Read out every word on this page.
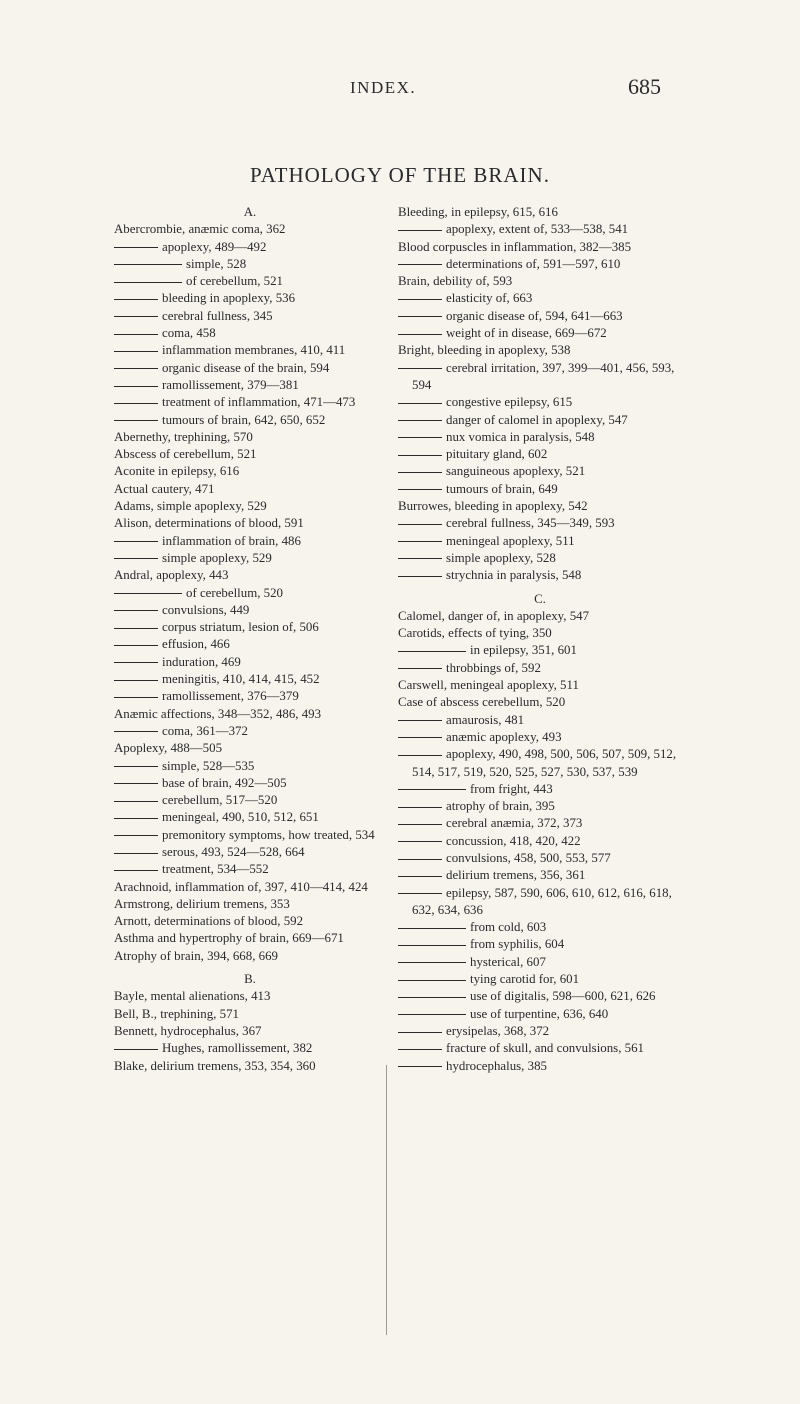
INDEX.	685
PATHOLOGY OF THE BRAIN.
A.
Abercrombie, anæmic coma, 362
apoplexy, 489—492
simple, 528
of cerebellum, 521
bleeding in apoplexy, 536
cerebral fullness, 345
coma, 458
inflammation membranes, 410, 411
organic disease of the brain, 594
ramollissement, 379—381
treatment of inflammation, 471—473
tumours of brain, 642, 650, 652
Abernethy, trephining, 570
Abscess of cerebellum, 521
Aconite in epilepsy, 616
Actual cautery, 471
Adams, simple apoplexy, 529
Alison, determinations of blood, 591
inflammation of brain, 486
simple apoplexy, 529
Andral, apoplexy, 443
of cerebellum, 520
convulsions, 449
corpus striatum, lesion of, 506
effusion, 466
induration, 469
meningitis, 410, 414, 415, 452
ramollissement, 376—379
Anæmic affections, 348—352, 486, 493
coma, 361—372
Apoplexy, 488—505
simple, 528—535
base of brain, 492—505
cerebellum, 517—520
meningeal, 490, 510, 512, 651
premonitory symptoms, how treated, 534
serous, 493, 524—528, 664
treatment, 534—552
Arachnoid, inflammation of, 397, 410—414, 424
Armstrong, delirium tremens, 353
Arnott, determinations of blood, 592
Asthma and hypertrophy of brain, 669—671
Atrophy of brain, 394, 668, 669
B.
Bayle, mental alienations, 413
Bell, B., trephining, 571
Bennett, hydrocephalus, 367
Hughes, ramollissement, 382
Blake, delirium tremens, 353, 354, 360
Bleeding, in epilepsy, 615, 616
apoplexy, extent of, 533—538, 541
Blood corpuscles in inflammation, 382—385
determinations of, 591—597, 610
Brain, debility of, 593
elasticity of, 663
organic disease of, 594, 641—663
weight of in disease, 669—672
Bright, bleeding in apoplexy, 538
cerebral irritation, 397, 399—401, 456, 593, 594
congestive epilepsy, 615
danger of calomel in apoplexy, 547
nux vomica in paralysis, 548
pituitary gland, 602
sanguineous apoplexy, 521
tumours of brain, 649
Burrowes, bleeding in apoplexy, 542
cerebral fullness, 345—349, 593
meningeal apoplexy, 511
simple apoplexy, 528
strychnia in paralysis, 548
C.
Calomel, danger of, in apoplexy, 547
Carotids, effects of tying, 350
in epilepsy, 351, 601
throbbings of, 592
Carswell, meningeal apoplexy, 511
Case of abscess cerebellum, 520
amaurosis, 481
anæmic apoplexy, 493
apoplexy, 490, 498, 500, 506, 507, 509, 512, 514, 517, 519, 520, 525, 527, 530, 537, 539
from fright, 443
atrophy of brain, 395
cerebral anæmia, 372, 373
concussion, 418, 420, 422
convulsions, 458, 500, 553, 577
delirium tremens, 356, 361
epilepsy, 587, 590, 606, 610, 612, 616, 618, 632, 634, 636
from cold, 603
from syphilis, 604
hysterical, 607
tying carotid for, 601
use of digitalis, 598—600, 621, 626
use of turpentine, 636, 640
erysipelas, 368, 372
fracture of skull, and convulsions, 561
hydrocephalus, 385
